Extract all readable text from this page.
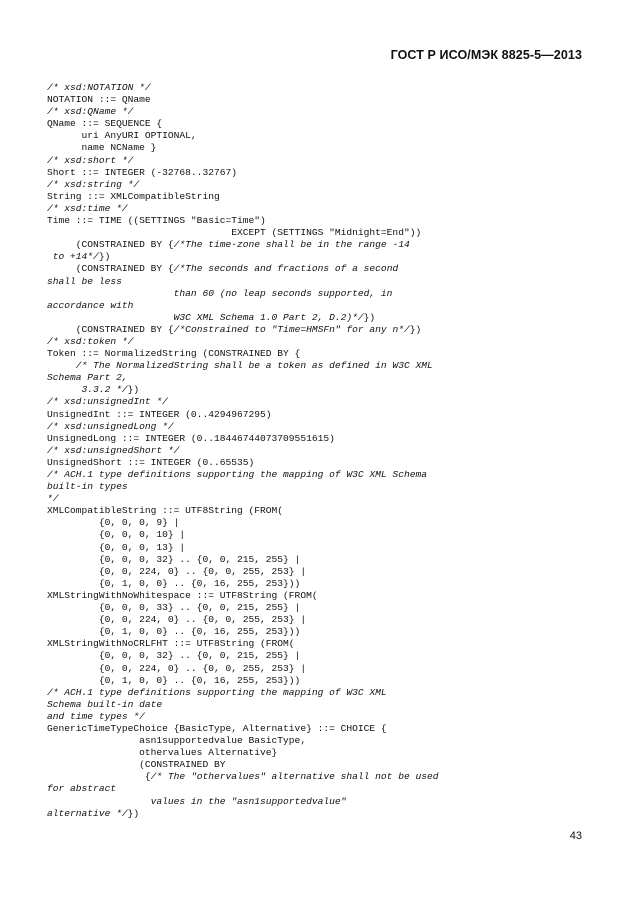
ГОСТ Р ИСО/МЭК 8825-5—2013
/* xsd:NOTATION */
NOTATION ::= QName
/* xsd:QName */
QName ::= SEQUENCE {
uri AnyURI OPTIONAL,
name NCName }
/* xsd:short */
Short ::= INTEGER (-32768..32767)
/* xsd:string */
String ::= XMLCompatibleString
/* xsd:time */
Time ::= TIME ((SETTINGS "Basic=Time")
EXCEPT (SETTINGS "Midnight=End"))
(CONSTRAINED BY {/*The time-zone shall be in the range -14
to +14*/})
(CONSTRAINED BY {/*The seconds and fractions of a second
shall be less
than 60 (no leap seconds supported, in
accordance with
W3C XML Schema 1.0 Part 2, D.2)*/})
(CONSTRAINED BY {/*Constrained to "Time=HMSFn" for any n*/})
/* xsd:token */
Token ::= NormalizedString (CONSTRAINED BY {
/* The NormalizedString shall be a token as defined in W3C XML
Schema Part 2,
3.3.2 */})
/* xsd:unsignedInt */
UnsignedInt ::= INTEGER (0..4294967295)
/* xsd:unsignedLong */
UnsignedLong ::= INTEGER (0..18446744073709551615)
/* xsd:unsignedShort */
UnsignedShort ::= INTEGER (0..65535)
/* ACH.1 type definitions supporting the mapping of W3C XML Schema
built-in types
*/
XMLCompatibleString ::= UTF8String (FROM(
{0, 0, 0, 9} |
{0, 0, 0, 10} |
{0, 0, 0, 13} |
{0, 0, 0, 32} .. {0, 0, 215, 255} |
{0, 0, 224, 0} .. {0, 0, 255, 253} |
{0, 1, 0, 0} .. {0, 16, 255, 253}))
XMLStringWithNoWhitespace ::= UTF8String (FROM(
{0, 0, 0, 33} .. {0, 0, 215, 255} |
{0, 0, 224, 0} .. {0, 0, 255, 253} |
{0, 1, 0, 0} .. {0, 16, 255, 253}))
XMLStringWithNoCRLFHT ::= UTF8String (FROM(
{0, 0, 0, 32} .. {0, 0, 215, 255} |
{0, 0, 224, 0} .. {0, 0, 255, 253} |
{0, 1, 0, 0} .. {0, 16, 255, 253}))
/* ACH.1 type definitions supporting the mapping of W3C XML
Schema built-in date
and time types */
GenericTimeTypeChoice {BasicType, Alternative} ::= CHOICE {
asn1supportedvalue BasicType,
othervalues Alternative}
(CONSTRAINED BY
{/* The "othervalues" alternative shall not be used
for abstract
values in the "asn1supportedvalue"
alternative */})
43
